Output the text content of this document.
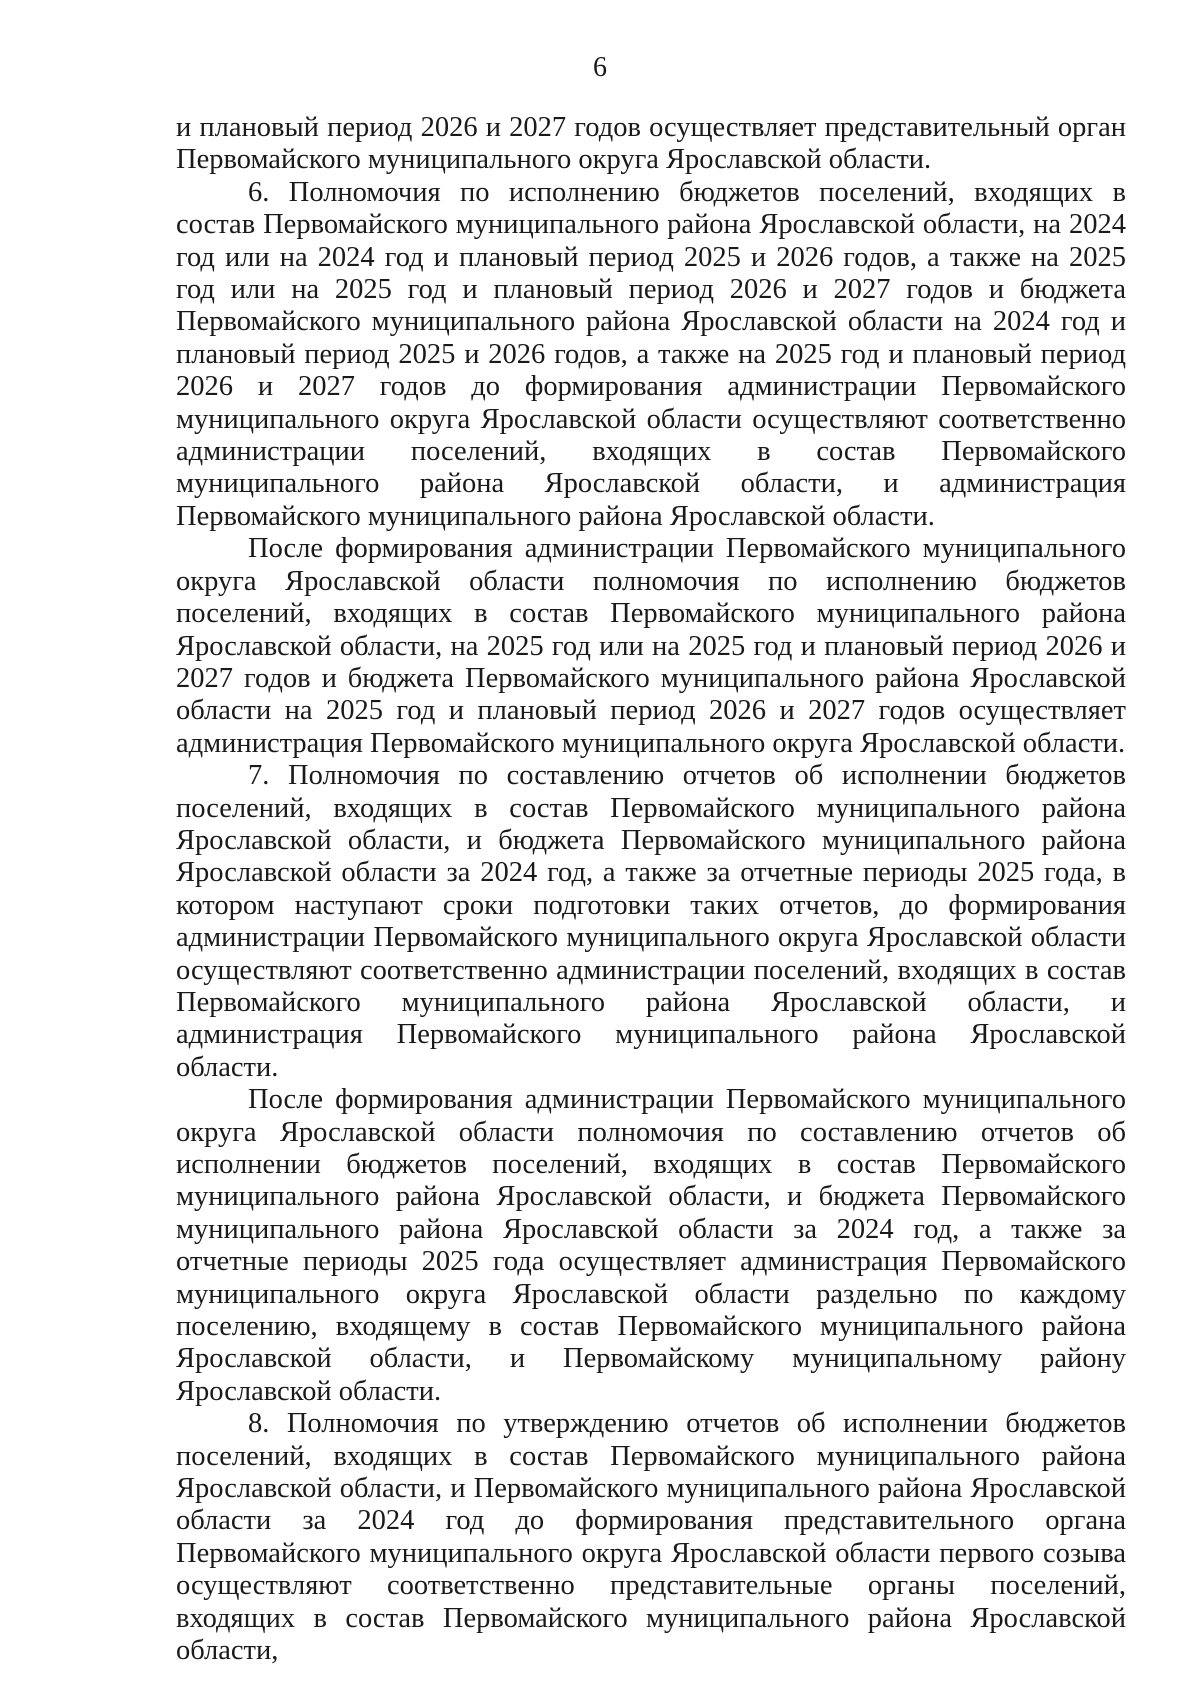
6

и плановый период 2026 и 2027 годов осуществляет представительный орган Первомайского муниципального округа Ярославской области.

6. Полномочия по исполнению бюджетов поселений, входящих в состав Первомайского муниципального района Ярославской области, на 2024 год или на 2024 год и плановый период 2025 и 2026 годов, а также на 2025 год или на 2025 год и плановый период 2026 и 2027 годов и бюджета Первомайского муниципального района Ярославской области на 2024 год и плановый период 2025 и 2026 годов, а также на 2025 год и плановый период 2026 и 2027 годов до формирования администрации Первомайского муниципального округа Ярославской области осуществляют соответственно администрации поселений, входящих в состав Первомайского муниципального района Ярославской области, и администрация Первомайского муниципального района Ярославской области.

После формирования администрации Первомайского муниципального округа Ярославской области полномочия по исполнению бюджетов поселений, входящих в состав Первомайского муниципального района Ярославской области, на 2025 год или на 2025 год и плановый период 2026 и 2027 годов и бюджета Первомайского муниципального района Ярославской области на 2025 год и плановый период 2026 и 2027 годов осуществляет администрация Первомайского муниципального округа Ярославской области.

7. Полномочия по составлению отчетов об исполнении бюджетов поселений, входящих в состав Первомайского муниципального района Ярославской области, и бюджета Первомайского муниципального района Ярославской области за 2024 год, а также за отчетные периоды 2025 года, в котором наступают сроки подготовки таких отчетов, до формирования администрации Первомайского муниципального округа Ярославской области осуществляют соответственно администрации поселений, входящих в состав Первомайского муниципального района Ярославской области, и администрация Первомайского муниципального района Ярославской области.

После формирования администрации Первомайского муниципального округа Ярославской области полномочия по составлению отчетов об исполнении бюджетов поселений, входящих в состав Первомайского муниципального района Ярославской области, и бюджета Первомайского муниципального района Ярославской области за 2024 год, а также за отчетные периоды 2025 года осуществляет администрация Первомайского муниципального округа Ярославской области раздельно по каждому поселению, входящему в состав Первомайского муниципального района Ярославской области, и Первомайскому муниципальному району Ярославской области.

8. Полномочия по утверждению отчетов об исполнении бюджетов поселений, входящих в состав Первомайского муниципального района Ярославской области, и Первомайского муниципального района Ярославской области за 2024 год до формирования представительного органа Первомайского муниципального округа Ярославской области первого созыва осуществляют соответственно представительные органы поселений, входящих в состав Первомайского муниципального района Ярославской области,
